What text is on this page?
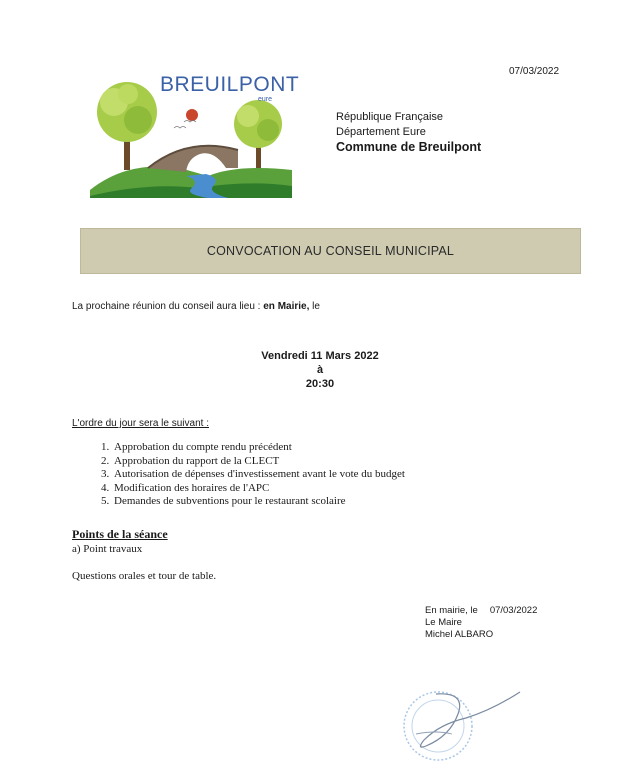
07/03/2022
BREUILPONT
eure
République Française
Département Eure
Commune de Breuilpont
CONVOCATION AU CONSEIL MUNICIPAL
La prochaine réunion du conseil aura lieu : en Mairie, le
Vendredi 11 Mars 2022
à
20:30
L'ordre du jour sera le suivant :
1. Approbation du compte rendu précédent
2. Approbation du rapport de la CLECT
3. Autorisation de dépenses d'investissement avant le vote du budget
4. Modification des horaires de l'APC
5. Demandes de subventions pour le restaurant scolaire
Points de la séance
a) Point travaux
Questions orales et tour de table.
En mairie, le 07/03/2022
Le Maire
Michel ALBARO
